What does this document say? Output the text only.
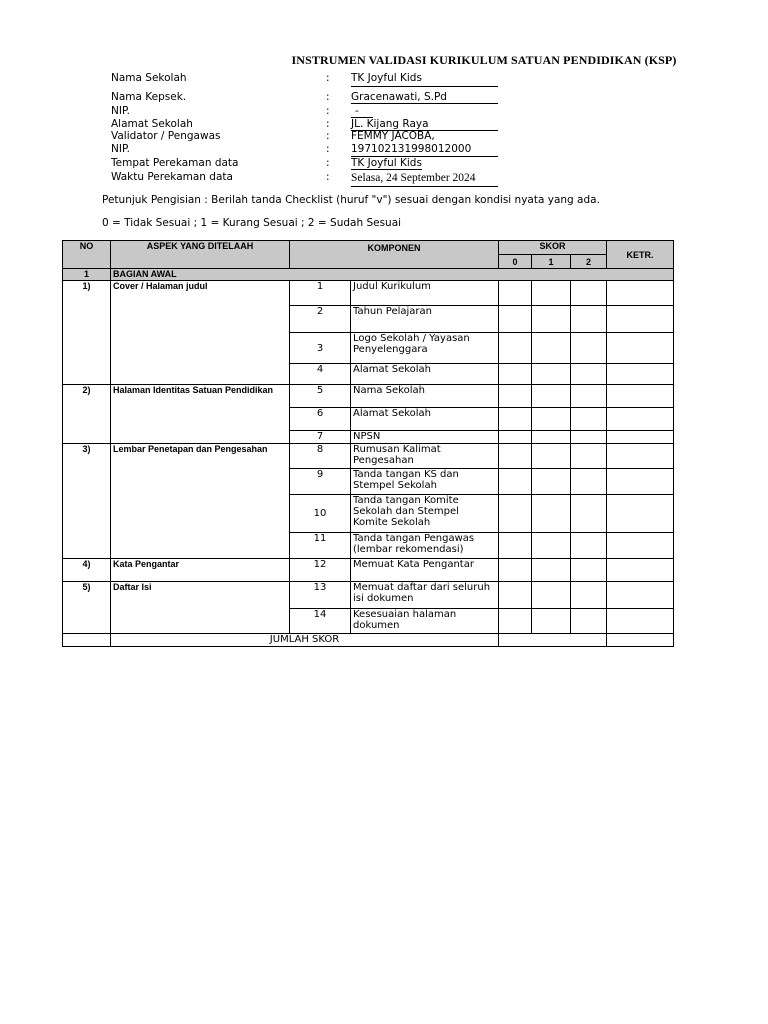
INSTRUMEN VALIDASI KURIKULUM SATUAN PENDIDIKAN (KSP)
Nama Sekolah	: TK Joyful Kids
Nama Kepsek.	: Gracenawati, S.Pd
NIP.	: -
Alamat Sekolah	: JL. Kijang Raya
Validator / Pengawas	: FEMMY JACOBA,
NIP.	: 197102131998012000
Tempat Perekaman data	: TK Joyful Kids
Waktu Perekaman data	: Selasa, 24 September 2024
Petunjuk Pengisian : Berilah tanda Checklist (huruf "v") sesuai dengan kondisi nyata yang ada.
0 = Tidak Sesuai ; 1 = Kurang Sesuai ; 2 = Sudah Sesuai
NO	ASPEK YANG DITELAAH	KOMPONEN		SKOR			KETR.
				0	1	2	
1	BAGIAN AWAL						
1)	Cover / Halaman judul	1	Judul Kurikulum				
		2	Tahun Pelajaran				
		3	Logo Sekolah / Yayasan Penyelenggara				
		4	Alamat Sekolah				
2)	Halaman Identitas Satuan Pendidikan	5	Nama Sekolah				
		6	Alamat Sekolah				
		7	NPSN				
3)	Lembar Penetapan dan Pengesahan	8	Rumusan Kalimat Pengesahan				
		9	Tanda tangan KS dan Stempel Sekolah				
		10	Tanda tangan Komite Sekolah dan Stempel Komite Sekolah				

		11	Tanda tangan Pengawas (lembar rekomendasi)				
4)	Kata Pengantar	12	Memuat Kata Pengantar				
5)	Daftar Isi	13	Memuat daftar dari seluruh isi dokumen				
		14	Kesesuaian halaman dokumen				
	JUMLAH SKOR						
